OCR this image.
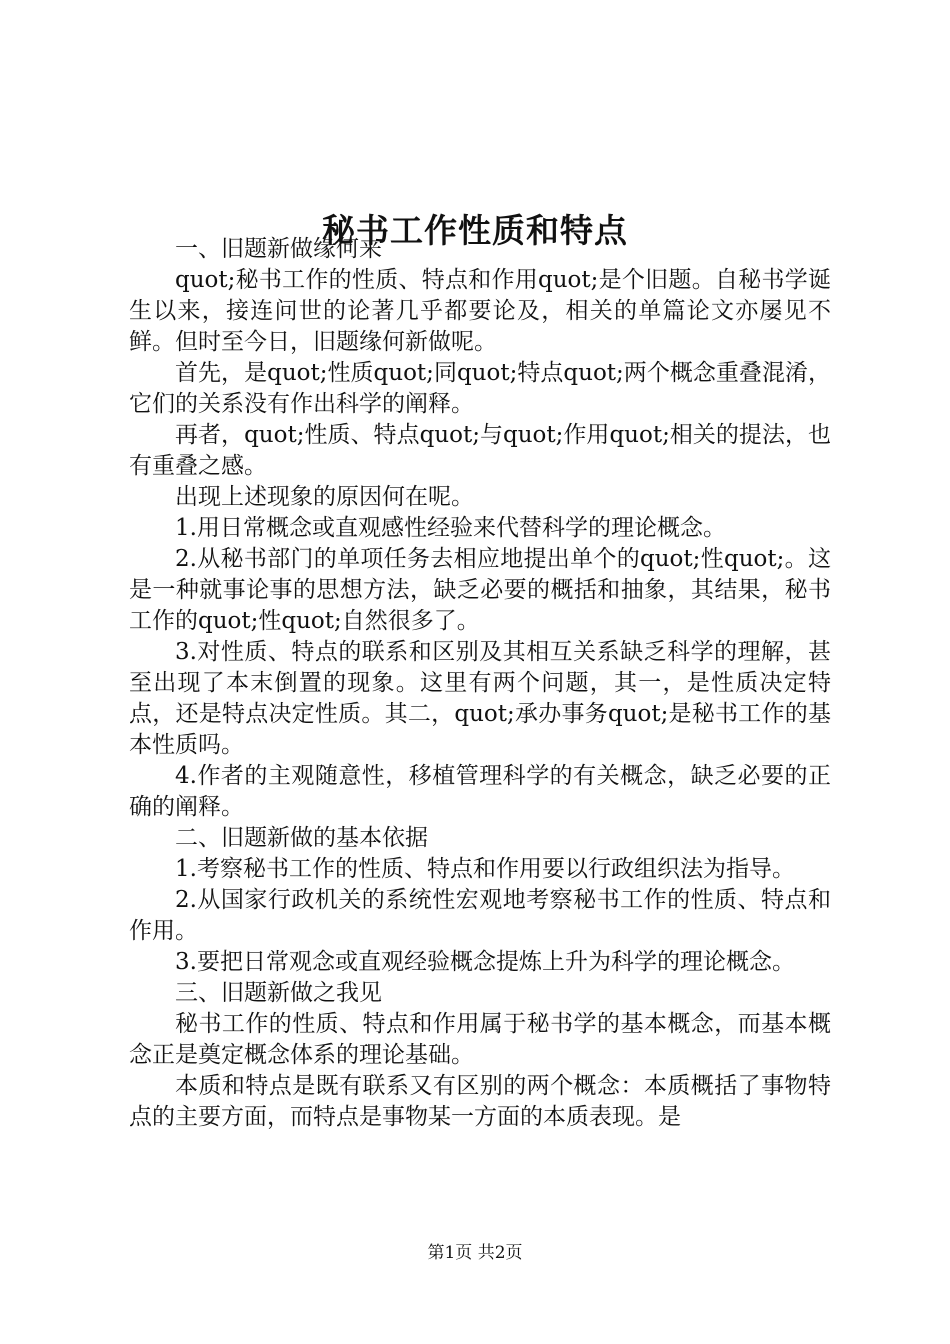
秘书工作性质和特点

一、旧题新做缘何来

quot;秘书工作的性质、特点和作用quot;是个旧题。自秘书学诞生以来，接连问世的论著几乎都要论及，相关的单篇论文亦屡见不鲜。但时至今日，旧题缘何新做呢。

首先，是quot;性质quot;同quot;特点quot;两个概念重叠混淆，它们的关系没有作出科学的阐释。

再者，quot;性质、特点quot;与quot;作用quot;相关的提法，也有重叠之感。

出现上述现象的原因何在呢。

1.用日常概念或直观感性经验来代替科学的理论概念。

2.从秘书部门的单项任务去相应地提出单个的quot;性quot;。这是一种就事论事的思想方法，缺乏必要的概括和抽象，其结果，秘书工作的quot;性quot;自然很多了。

3.对性质、特点的联系和区别及其相互关系缺乏科学的理解，甚至出现了本末倒置的现象。这里有两个问题，其一，是性质决定特点，还是特点决定性质。其二，quot;承办事务quot;是秘书工作的基本性质吗。

4.作者的主观随意性，移植管理科学的有关概念，缺乏必要的正确的阐释。

二、旧题新做的基本依据

1.考察秘书工作的性质、特点和作用要以行政组织法为指导。

2.从国家行政机关的系统性宏观地考察秘书工作的性质、特点和作用。

3.要把日常观念或直观经验概念提炼上升为科学的理论概念。

三、旧题新做之我见

秘书工作的性质、特点和作用属于秘书学的基本概念，而基本概念正是奠定概念体系的理论基础。

本质和特点是既有联系又有区别的两个概念：本质概括了事物特点的主要方面，而特点是事物某一方面的本质表现。是

第1页 共2页
